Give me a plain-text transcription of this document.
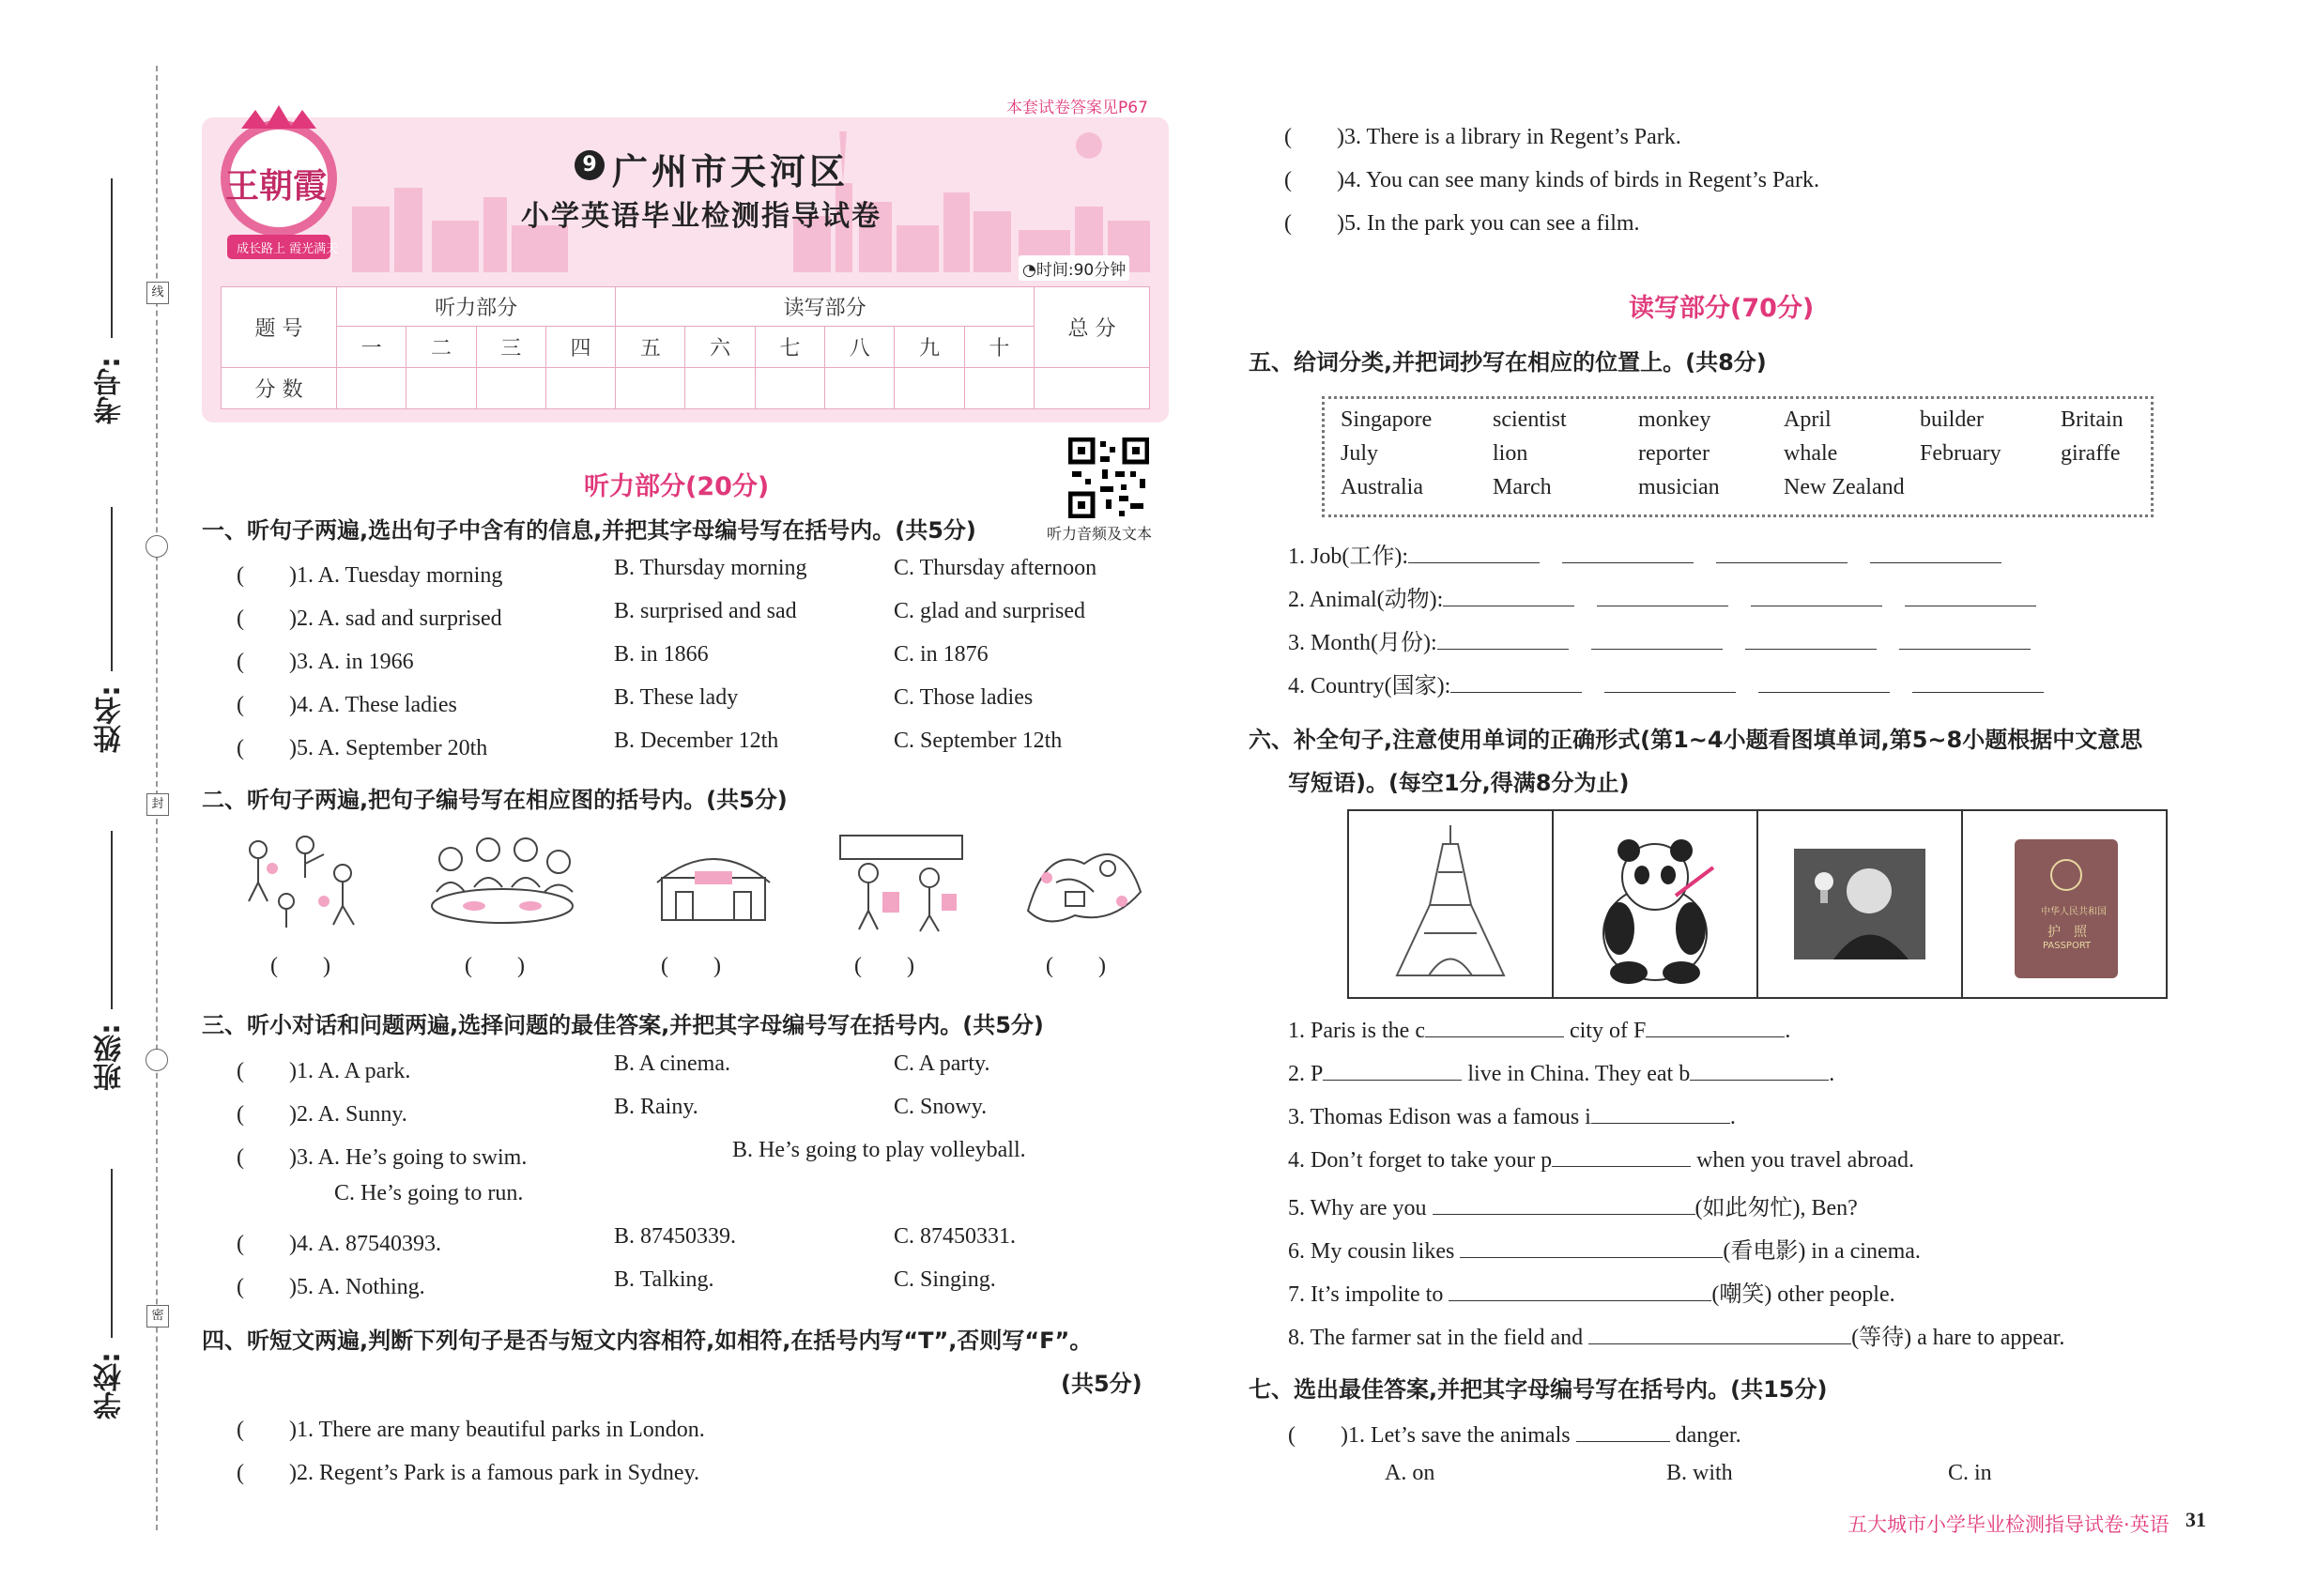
考号:
姓名:
班级:
学校:
线
封
密
本套试卷答案见P67
王朝霞
成长路上 霞光满天
9 广州市天河区
小学英语毕业检测指导试卷
◔时间:90分钟
题 号	听力部分				读写部分						总 分
	一	二	三	四	五	六	七	八	九	十	
分 数											
听力部分(20分)
听力音频及文本
一、听句子两遍,选出句子中含有的信息,并把其字母编号写在括号内。(共5分)
(　　)1. A. Tuesday morning	B. Thursday morning	C. Thursday afternoon
(　　)2. A. sad and surprised	B. surprised and sad	C. glad and surprised
(　　)3. A. in 1966	B. in 1866	C. in 1876
(　　)4. A. These ladies	B. These lady	C. Those ladies
(　　)5. A. September 20th	B. December 12th	C. September 12th
二、听句子两遍,把句子编号写在相应图的括号内。(共5分)
(　　)	(　　)	(　　)	(　　)	(　　)
三、听小对话和问题两遍,选择问题的最佳答案,并把其字母编号写在括号内。(共5分)
(　　)1. A. A park.	B. A cinema.	C. A party.
(　　)2. A. Sunny.	B. Rainy.	C. Snowy.
(　　)3. A. He’s going to swim.	B. He’s going to play volleyball.
C. He’s going to run.
(　　)4. A. 87540393.	B. 87450339.	C. 87450331.
(　　)5. A. Nothing.	B. Talking.	C. Singing.
四、听短文两遍,判断下列句子是否与短文内容相符,如相符,在括号内写“T”,否则写“F”。
(共5分)
(　　)1. There are many beautiful parks in London.
(　　)2. Regent’s Park is a famous park in Sydney.
(　　)3. There is a library in Regent’s Park.
(　　)4. You can see many kinds of birds in Regent’s Park.
(　　)5. In the park you can see a film.
读写部分(70分)
五、给词分类,并把词抄写在相应的位置上。(共8分)
Singapore	scientist	monkey	April	builder	Britain
July	lion	reporter	whale	February	giraffe
Australia	March	musician	New Zealand
1. Job(工作):
2. Animal(动物):
3. Month(月份):
4. Country(国家):
六、补全句子,注意使用单词的正确形式(第1~4小题看图填单词,第5~8小题根据中文意思
写短语)。(每空1分,得满8分为止)
中华人民共和国
护　照
PASSPORT
1. Paris is the c	city of F	.
2. P	live in China. They eat b	.
3. Thomas Edison was a famous i	.
4. Don’t forget to take your p	when you travel abroad.
5. Why are you	(如此匆忙), Ben?
6. My cousin likes	(看电影) in a cinema.
7. It’s impolite to	(嘲笑) other people.
8. The farmer sat in the field and	(等待) a hare to appear.
七、选出最佳答案,并把其字母编号写在括号内。(共15分)
(　　)1. Let’s save the animals	danger.
A. on	B. with	C. in
五大城市小学毕业检测指导试卷·英语 31
